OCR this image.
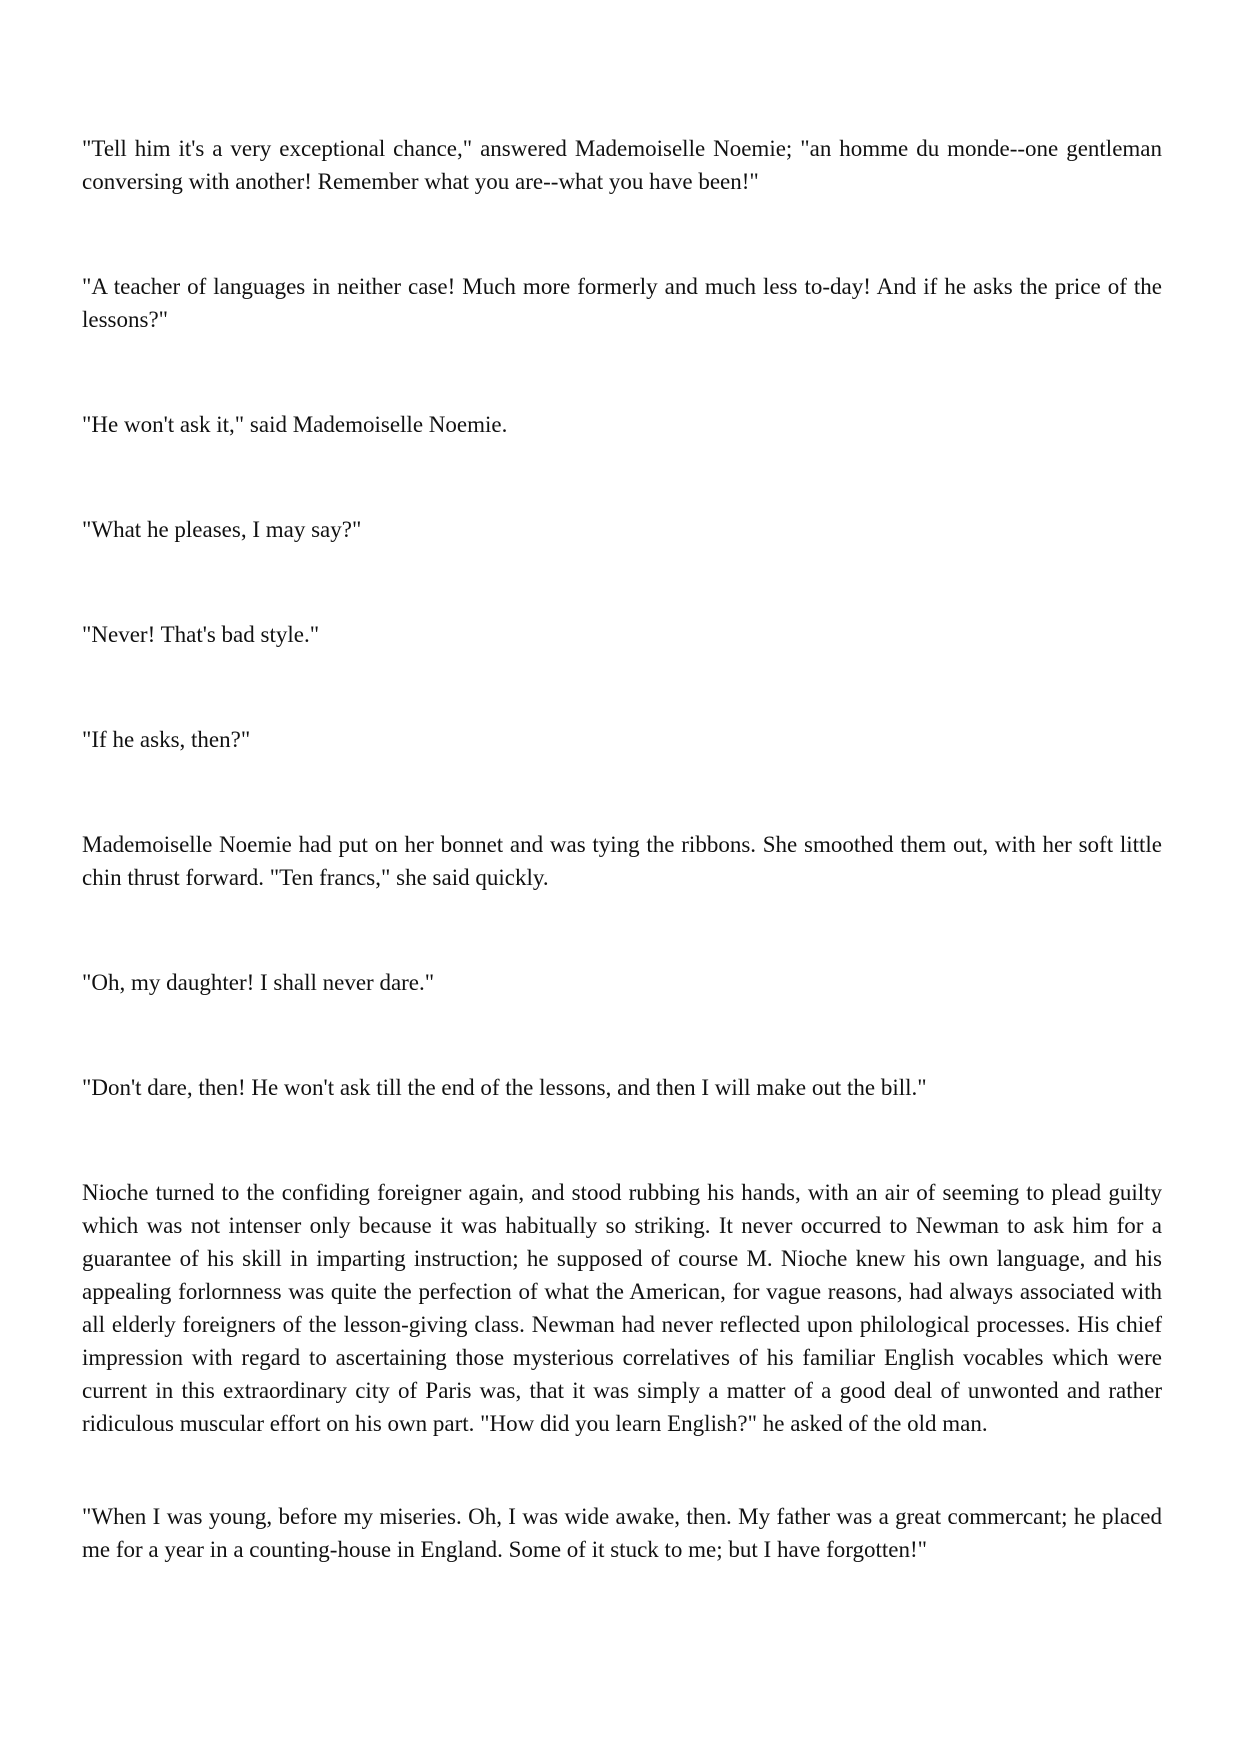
"Tell him it's a very exceptional chance," answered Mademoiselle Noemie; "an homme du monde--one gentleman conversing with another! Remember what you are--what you have been!"

"A teacher of languages in neither case! Much more formerly and much less to-day! And if he asks the price of the lessons?"

"He won't ask it," said Mademoiselle Noemie.

"What he pleases, I may say?"

"Never! That's bad style."

"If he asks, then?"

Mademoiselle Noemie had put on her bonnet and was tying the ribbons. She smoothed them out, with her soft little chin thrust forward. "Ten francs," she said quickly.

"Oh, my daughter! I shall never dare."

"Don't dare, then! He won't ask till the end of the lessons, and then I will make out the bill."

Nioche turned to the confiding foreigner again, and stood rubbing his hands, with an air of seeming to plead guilty which was not intenser only because it was habitually so striking. It never occurred to Newman to ask him for a guarantee of his skill in imparting instruction; he supposed of course M. Nioche knew his own language, and his appealing forlornness was quite the perfection of what the American, for vague reasons, had always associated with all elderly foreigners of the lesson-giving class. Newman had never reflected upon philological processes. His chief impression with regard to ascertaining those mysterious correlatives of his familiar English vocables which were current in this extraordinary city of Paris was, that it was simply a matter of a good deal of unwonted and rather ridiculous muscular effort on his own part. "How did you learn English?" he asked of the old man.

"When I was young, before my miseries. Oh, I was wide awake, then. My father was a great commercant; he placed me for a year in a counting-house in England. Some of it stuck to me; but I have forgotten!"
